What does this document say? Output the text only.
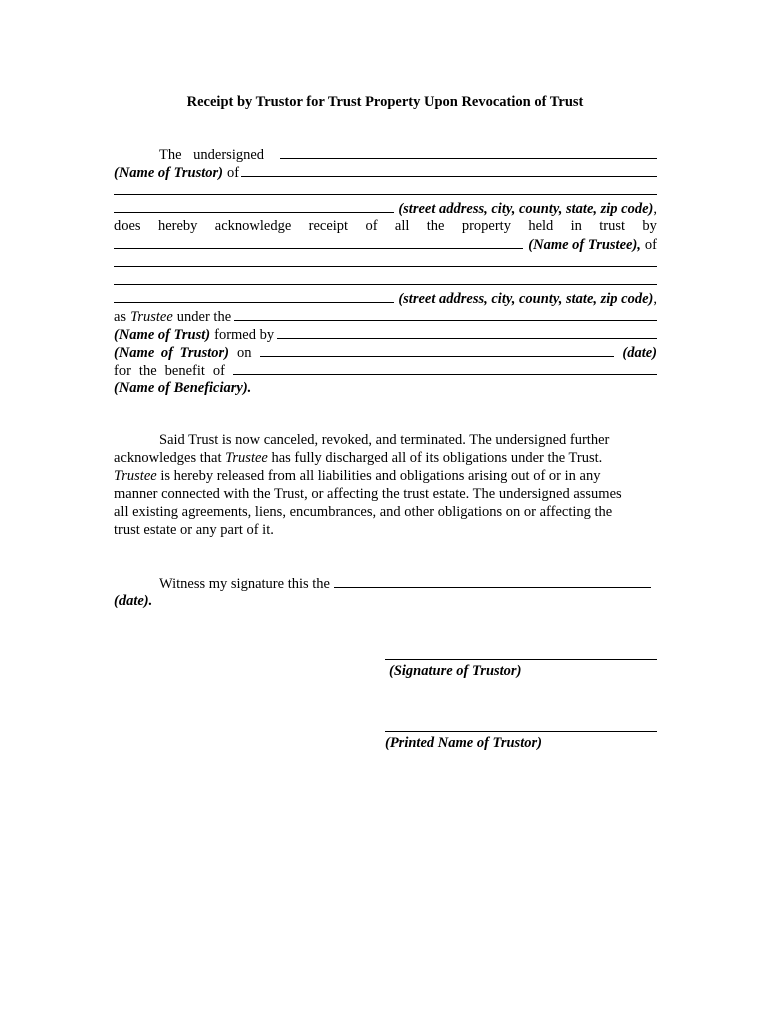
Receipt by Trustor for Trust Property Upon Revocation of Trust
The undersigned
(Name of Trustor) of
(street address, city, county, state, zip code) ,
does hereby acknowledge receipt of all the property held in trust by
(Name of Trustee), of
(street address, city, county, state, zip code) ,
as Trustee under the
(Name of Trust) formed by
(Name of Trustor) on	(date)
for the benefit of
(Name of Beneficiary).
Said Trust is now canceled, revoked, and terminated. The undersigned further
acknowledges that Trustee has fully discharged all of its obligations under the Trust.
Trustee is hereby released from all liabilities and obligations arising out of or in any
manner connected with the Trust, or affecting the trust estate. The undersigned assumes
all existing agreements, liens, encumbrances, and other obligations on or affecting the
trust estate or any part of it.
Witness my signature this the
(date).
(Signature of Trustor)
(Printed Name of Trustor)
